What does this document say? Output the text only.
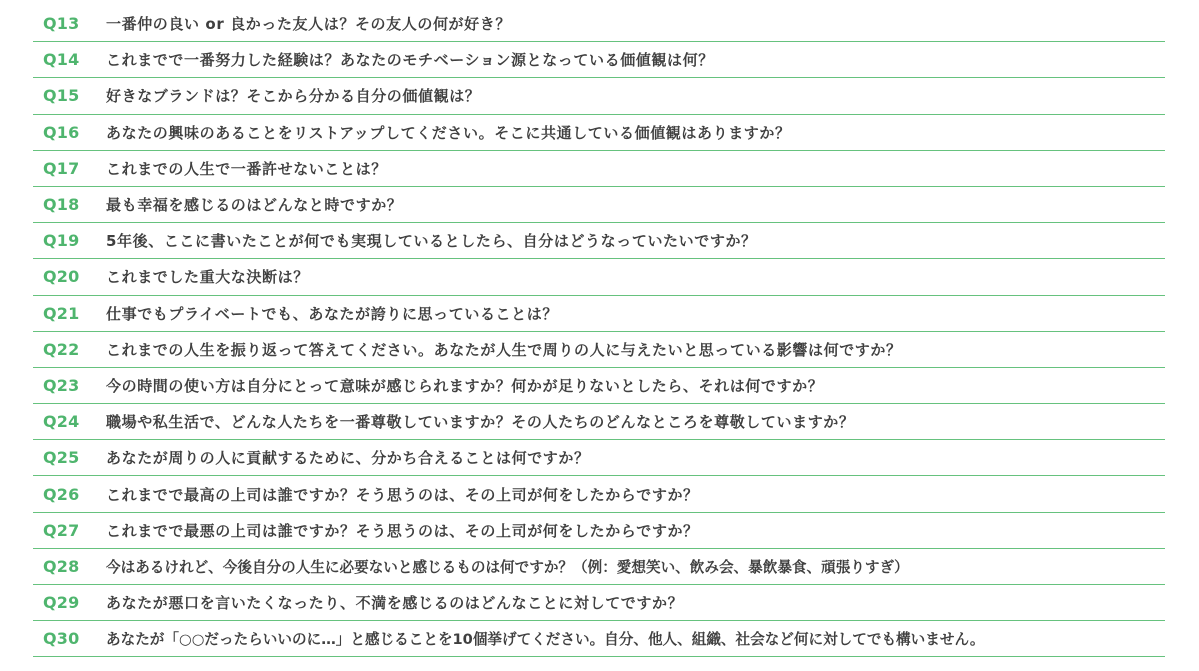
Q13	一番仲の良い or 良かった友人は？その友人の何が好き？
Q14	これまでで一番努力した経験は？あなたのモチベーション源となっている価値観は何？
Q15	好きなブランドは？そこから分かる自分の価値観は？
Q16	あなたの興味のあることをリストアップしてください。そこに共通している価値観はありますか？
Q17	これまでの人生で一番許せないことは？
Q18	最も幸福を感じるのはどんなと時ですか？
Q19	5年後、ここに書いたことが何でも実現しているとしたら、自分はどうなっていたいですか？
Q20	これまでした重大な決断は？
Q21	仕事でもプライベートでも、あなたが誇りに思っていることは？
Q22	これまでの人生を振り返って答えてください。あなたが人生で周りの人に与えたいと思っている影響は何ですか？
Q23	今の時間の使い方は自分にとって意味が感じられますか？何かが足りないとしたら、それは何ですか？
Q24	職場や私生活で、どんな人たちを一番尊敬していますか？その人たちのどんなところを尊敬していますか？
Q25	あなたが周りの人に貢献するために、分かち合えることは何ですか？
Q26	これまでで最高の上司は誰ですか？そう思うのは、その上司が何をしたからですか？
Q27	これまでで最悪の上司は誰ですか？そう思うのは、その上司が何をしたからですか？
Q28	今はあるけれど、今後自分の人生に必要ないと感じるものは何ですか？（例：愛想笑い、飲み会、暴飲暴食、頑張りすぎ）
Q29	あなたが悪口を言いたくなったり、不満を感じるのはどんなことに対してですか？
Q30	あなたが「○○だったらいいのに…」と感じることを10個挙げてください。自分、他人、組織、社会など何に対してでも構いません。
